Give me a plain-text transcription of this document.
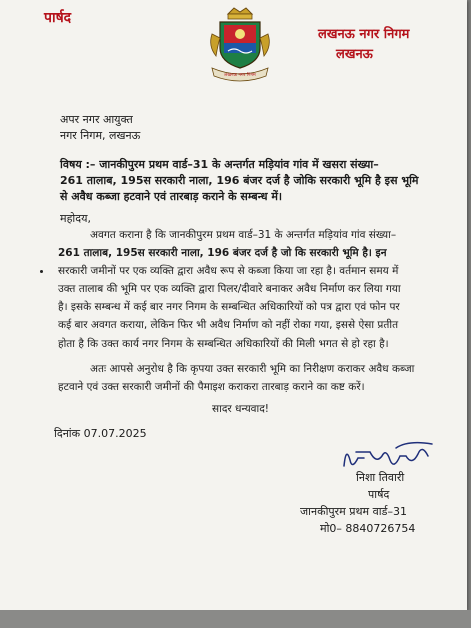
पार्षद
लखनऊ नगर निगम
लखनऊ नगर निगम
लखनऊ
अपर नगर आयुक्त
नगर निगम, लखनऊ
विषय :– जानकीपुरम प्रथम वार्ड–31 के अन्तर्गत मड़ियांव गांव में खसरा संख्या–
261 तालाब, 195स सरकारी नाला, 196 बंजर दर्ज है जोकि सरकारी भूमि है इस भूमि
से अवैध कब्जा हटवाने एवं तारबाड़ कराने के सम्बन्ध में।
महोदय,
अवगत कराना है कि जानकीपुरम प्रथम वार्ड–31 के अन्तर्गत मड़ियांव गांव संख्या–
261 तालाब, 195स सरकारी नाला, 196 बंजर दर्ज है जो कि सरकारी भूमि है। इन
सरकारी जमीनों पर एक व्यक्ति द्वारा अवैध रूप से कब्जा किया जा रहा है। वर्तमान समय में
उक्त तालाब की भूमि पर एक व्यक्ति द्वारा पिलर/दीवारे बनाकर अवैध निर्माण कर लिया गया
है। इसके सम्बन्ध में कई बार नगर निगम के सम्बन्धित अधिकारियों को पत्र द्वारा एवं फोन पर
कई बार अवगत कराया, लेकिन फिर भी अवैध निर्माण को नहीं रोका गया, इससे ऐसा प्रतीत
होता है कि उक्त कार्य नगर निगम के सम्बन्धित अधिकारियों की मिली भगत से हो रहा है।
अतः आपसे अनुरोध है कि कृपया उक्त सरकारी भूमि का निरीक्षण कराकर अवैध कब्जा
हटवाने एवं उक्त सरकारी जमीनों की पैमाइश कराकरा तारबाड़ कराने का कष्ट करें।
सादर धन्यवाद!
दिनांक 07.07.2025
निशा तिवारी
पार्षद
जानकीपुरम प्रथम वार्ड–31
मो0– 8840726754
